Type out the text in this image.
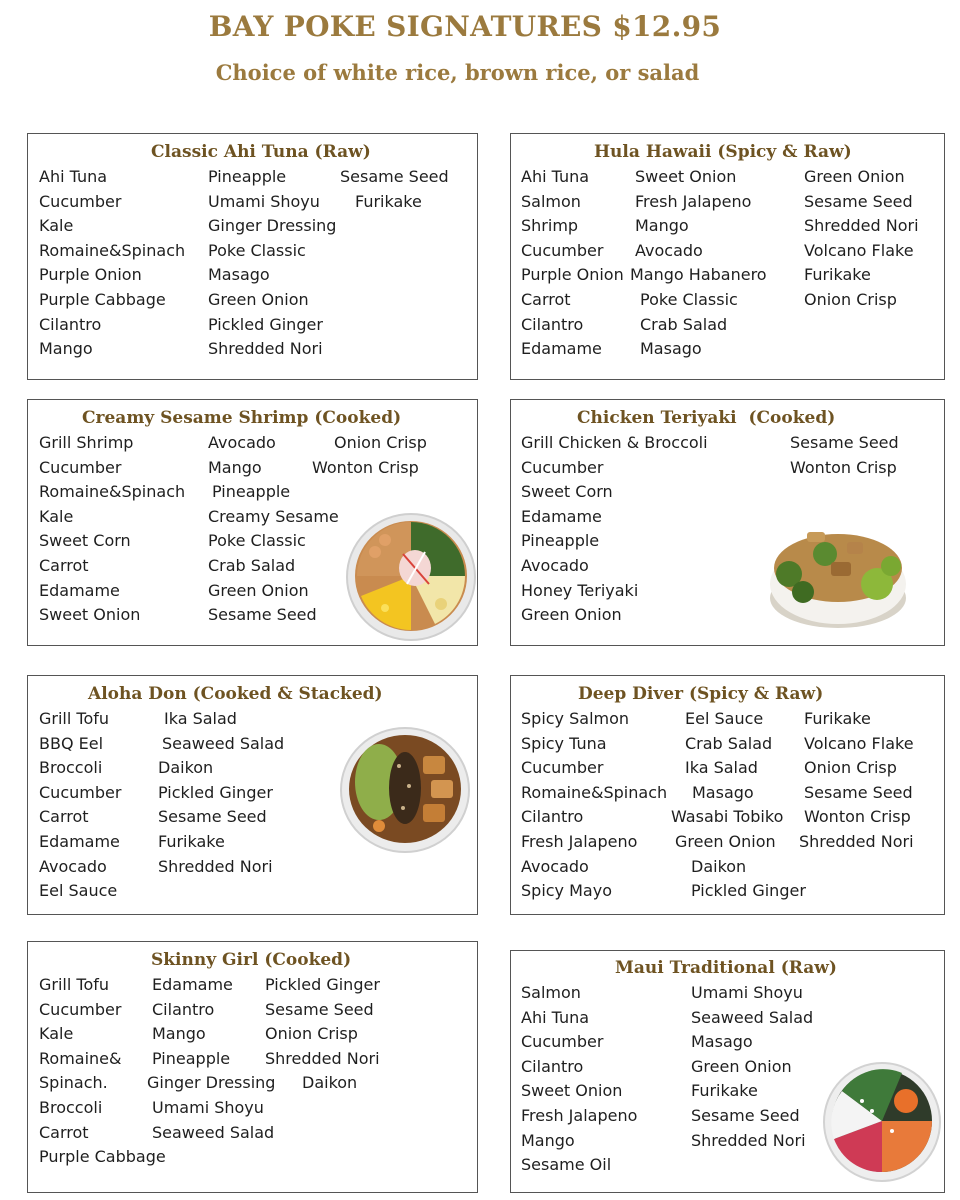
BAY POKE SIGNATURES $12.95
Choice of white rice, brown rice, or salad
Classic Ahi Tuna (Raw)
Ahi Tuna
Cucumber
Kale
Romaine&Spinach
Purple Onion
Purple Cabbage
Cilantro
Mango
Pineapple
Umami Shoyu
Ginger Dressing
Poke Classic
Masago
Green Onion
Pickled Ginger
Shredded Nori
Sesame Seed
Furikake
Hula Hawaii (Spicy & Raw)
Ahi Tuna
Salmon
Shrimp
Cucumber
Purple Onion
Carrot
Cilantro
Edamame
Sweet Onion
Fresh Jalapeno
Mango
Avocado
Mango Habanero
Poke Classic
Crab Salad
Masago
Green Onion
Sesame Seed
Shredded Nori
Volcano Flake
Furikake
Onion Crisp
Creamy Sesame Shrimp (Cooked)
Grill Shrimp
Cucumber
Romaine&Spinach
Kale
Sweet Corn
Carrot
Edamame
Sweet Onion
Avocado
Mango
Pineapple
Creamy Sesame
Poke Classic
Crab Salad
Green Onion
Sesame Seed
Onion Crisp
Wonton Crisp
Chicken Teriyaki  (Cooked)
Grill Chicken & Broccoli
Cucumber
Sweet Corn
Edamame
Pineapple
Avocado
Honey Teriyaki
Green Onion
Sesame Seed
Wonton Crisp
Aloha Don (Cooked & Stacked)
Grill Tofu
BBQ Eel
Broccoli
Cucumber
Carrot
Edamame
Avocado
Eel Sauce
Ika Salad
Seaweed Salad
Daikon
Pickled Ginger
Sesame Seed
Furikake
Shredded Nori
Deep Diver (Spicy & Raw)
Spicy Salmon
Spicy Tuna
Cucumber
Romaine&Spinach
Cilantro
Fresh Jalapeno
Avocado
Spicy Mayo
Eel Sauce
Crab Salad
Ika Salad
Masago
Wasabi Tobiko
Green Onion
Daikon
Pickled Ginger
Furikake
Volcano Flake
Onion Crisp
Sesame Seed
Wonton Crisp
Shredded Nori
Skinny Girl (Cooked)
Grill Tofu
Cucumber
Kale
Romaine&
Spinach.
Broccoli
Carrot
Purple Cabbage
Edamame
Cilantro
Mango
Pineapple
Ginger Dressing
Umami Shoyu
Seaweed Salad
Pickled Ginger
Sesame Seed
Onion Crisp
Shredded Nori
Daikon
Maui Traditional (Raw)
Salmon
Ahi Tuna
Cucumber
Cilantro
Sweet Onion
Fresh Jalapeno
Mango
Sesame Oil
Umami Shoyu
Seaweed Salad
Masago
Green Onion
Furikake
Sesame Seed
Shredded Nori
